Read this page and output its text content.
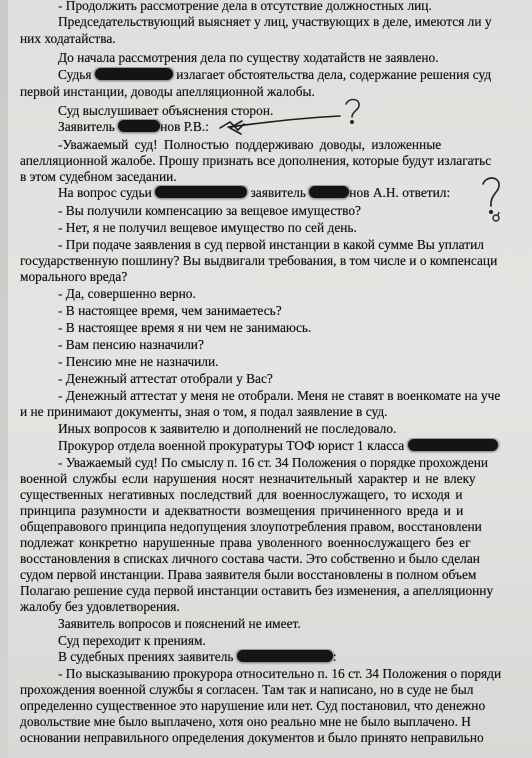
- Продолжить рассмотрение дела в отсутствие должностных лиц.
Председательствующий выясняет у лиц, участвующих в деле, имеются ли у
них ходатайства.
До начала рассмотрения дела по существу ходатайств не заявлено.
Судья	излагает обстоятельства дела, содержание решения суд
первой инстанции, доводы апелляционной жалобы.
Суд выслушивает объяснения сторон.
Заявитель	нов Р.В.:
-Уважаемый суд! Полностью поддерживаю доводы, изложенные
апелляционной жалобе. Прошу признать все дополнения, которые будут излагатьс
в этом судебном заседании.
На вопрос судьи	заявитель	нов А.Н. ответил:
- Вы получили компенсацию за вещевое имущество?
- Нет, я не получил вещевое имущество по сей день.
- При подаче заявления в суд первой инстанции в какой сумме Вы уплатил
государственную пошлину? Вы выдвигали требования, в том числе и о компенсаци
морального вреда?
- Да, совершенно верно.
- В настоящее время, чем занимаетесь?
- В настоящее время я ни чем не занимаюсь.
- Вам пенсию назначили?
- Пенсию мне не назначили.
- Денежный аттестат отобрали у Вас?
- Денежный аттестат у меня не отобрали. Меня не ставят в военкомате на уче
и не принимают документы, зная о том, я подал заявление в суд.
Иных вопросов к заявителю и дополнений не последовало.
Прокурор отдела военной прокуратуры ТОФ юрист 1 класса
- Уважаемый суд! По смыслу п. 16 ст. 34 Положения о порядке прохождени
военной службы если нарушения носят незначительный характер и не влеку
существенных негативных последствий для военнослужащего, то исходя и
принципа разумности и адекватности возмещения причиненного вреда и и
общеправового принципа недопущения злоупотребления правом, восстановлени
подлежат конкретно нарушенные права уволенного военнослужащего без ег
восстановления в списках личного состава части. Это собственно и было сделан
судом первой инстанции. Права заявителя были восстановлены в полном объем
Полагаю решение суда первой инстанции оставить без изменения, а апелляционну
жалобу без удовлетворения.
Заявитель вопросов и пояснений не имеет.
Суд переходит к прениям.
В судебных прениях заявитель	:
- По высказыванию прокурора относительно п. 16 ст. 34 Положения о поряди
прохождения военной службы я согласен. Там так и написано, но в суде не был
определенно существенное это нарушение или нет. Суд постановил, что денежно
довольствие мне было выплачено, хотя оно реально мне не было выплачено. Н
основании неправильного определения документов и было принято неправильно
